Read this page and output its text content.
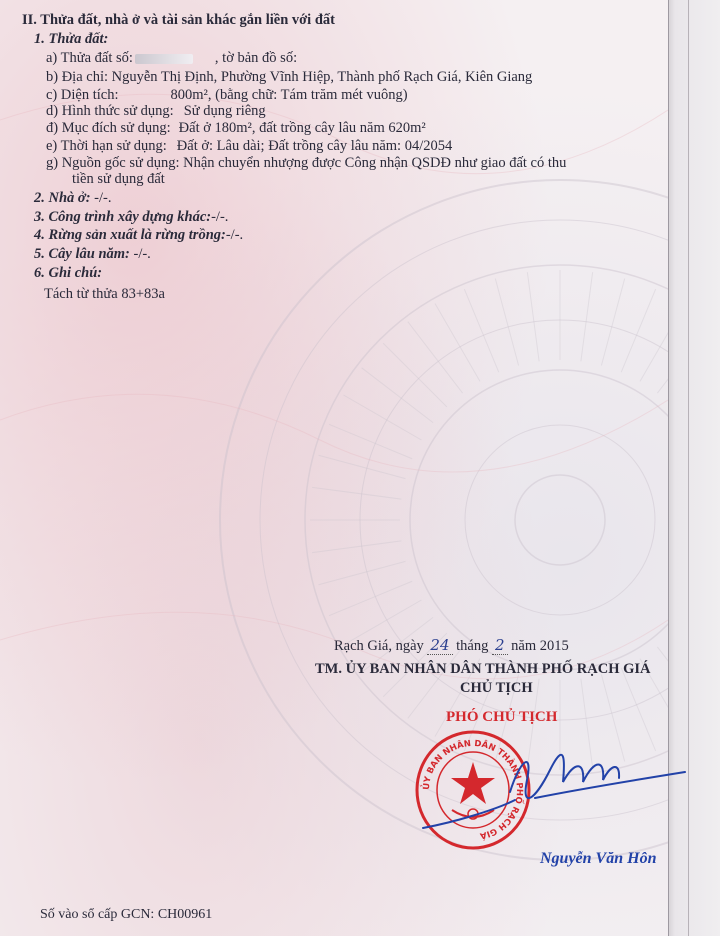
II. Thửa đất, nhà ở và tài sản khác gắn liền với đất
1. Thửa đất:
a) Thửa đất số:	, tờ bản đồ số:
b) Địa chỉ: Nguyễn Thị Định, Phường Vĩnh Hiệp, Thành phố Rạch Giá, Kiên Giang
c) Diện tích:	800m², (bằng chữ: Tám trăm mét vuông)
d) Hình thức sử dụng: Sử dụng riêng
đ) Mục đích sử dụng: Đất ở 180m², đất trồng cây lâu năm 620m²
e) Thời hạn sử dụng: Đất ở: Lâu dài; Đất trồng cây lâu năm: 04/2054
g) Nguồn gốc sử dụng: Nhận chuyển nhượng được Công nhận QSDĐ như giao đất có thu
tiền sử dụng đất
2. Nhà ở: -/-.
3. Công trình xây dựng khác:-/-.
4. Rừng sản xuất là rừng trồng:-/-.
5. Cây lâu năm: -/-.
6. Ghi chú:
Tách từ thửa 83+83a
Rạch Giá, ngày 24 tháng 2 năm 2015
TM. ỦY BAN NHÂN DÂN THÀNH PHỐ RẠCH GIÁ
CHỦ TỊCH
PHÓ CHỦ TỊCH
ỦY BAN NHÂN DÂN THÀNH PHỐ RẠCH GIÁ
Nguyễn Văn Hôn
Số vào sổ cấp GCN: CH00961
